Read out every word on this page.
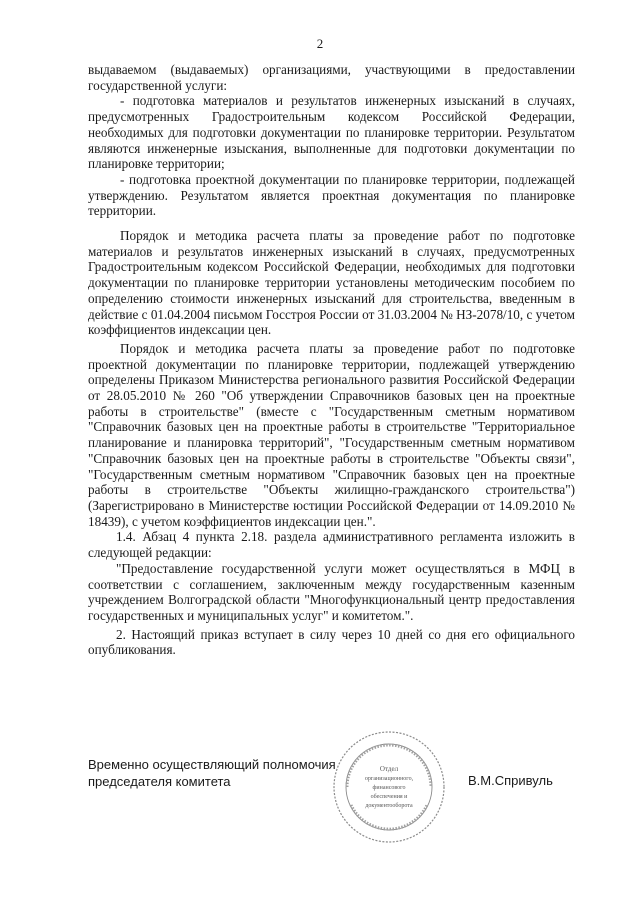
2

выдаваемом (выдаваемых) организациями, участвующими в предоставлении государственной услуги:

- подготовка материалов и результатов инженерных изысканий в случаях, предусмотренных Градостроительным кодексом Российской Федерации, необходимых для подготовки документации по планировке территории. Результатом являются инженерные изыскания, выполненные для подготовки документации по планировке территории;

- подготовка проектной документации по планировке территории, подлежащей утверждению. Результатом является проектная документация по планировке территории.

Порядок и методика расчета платы за проведение работ по подготовке материалов и результатов инженерных изысканий в случаях, предусмотренных Градостроительным кодексом Российской Федерации, необходимых для подготовки документации по планировке территории установлены методическим пособием по определению стоимости инженерных изысканий для строительства, введенным в действие с 01.04.2004 письмом Госстроя России от 31.03.2004 № НЗ-2078/10, с учетом коэффициентов индексации цен.

Порядок и методика расчета платы за проведение работ по подготовке проектной документации по планировке территории, подлежащей утверждению определены Приказом Министерства регионального развития Российской Федерации от 28.05.2010 № 260 "Об утверждении Справочников базовых цен на проектные работы в строительстве" (вместе с "Государственным сметным нормативом "Справочник базовых цен на проектные работы в строительстве "Территориальное планирование и планировка территорий", "Государственным сметным нормативом "Справочник базовых цен на проектные работы в строительстве "Объекты связи", "Государственным сметным нормативом "Справочник базовых цен на проектные работы в строительстве "Объекты жилищно-гражданского строительства") (Зарегистрировано в Министерстве юстиции Российской Федерации от 14.09.2010 № 18439), с учетом коэффициентов индексации цен.".

1.4. Абзац 4 пункта 2.18. раздела административного регламента изложить в следующей редакции:

"Предоставление государственной услуги может осуществляться в МФЦ в соответствии с соглашением, заключенным между государственным казенным учреждением Волгоградской области "Многофункциональный центр предоставления государственных и муниципальных услуг" и комитетом.".

2. Настоящий приказ вступает в силу через 10 дней со дня его официального опубликования.

Временно осуществляющий полномочия
председателя комитета
Отдел
организационного,
финансового
обеспечения и
документооборота
В.М.Спривуль
